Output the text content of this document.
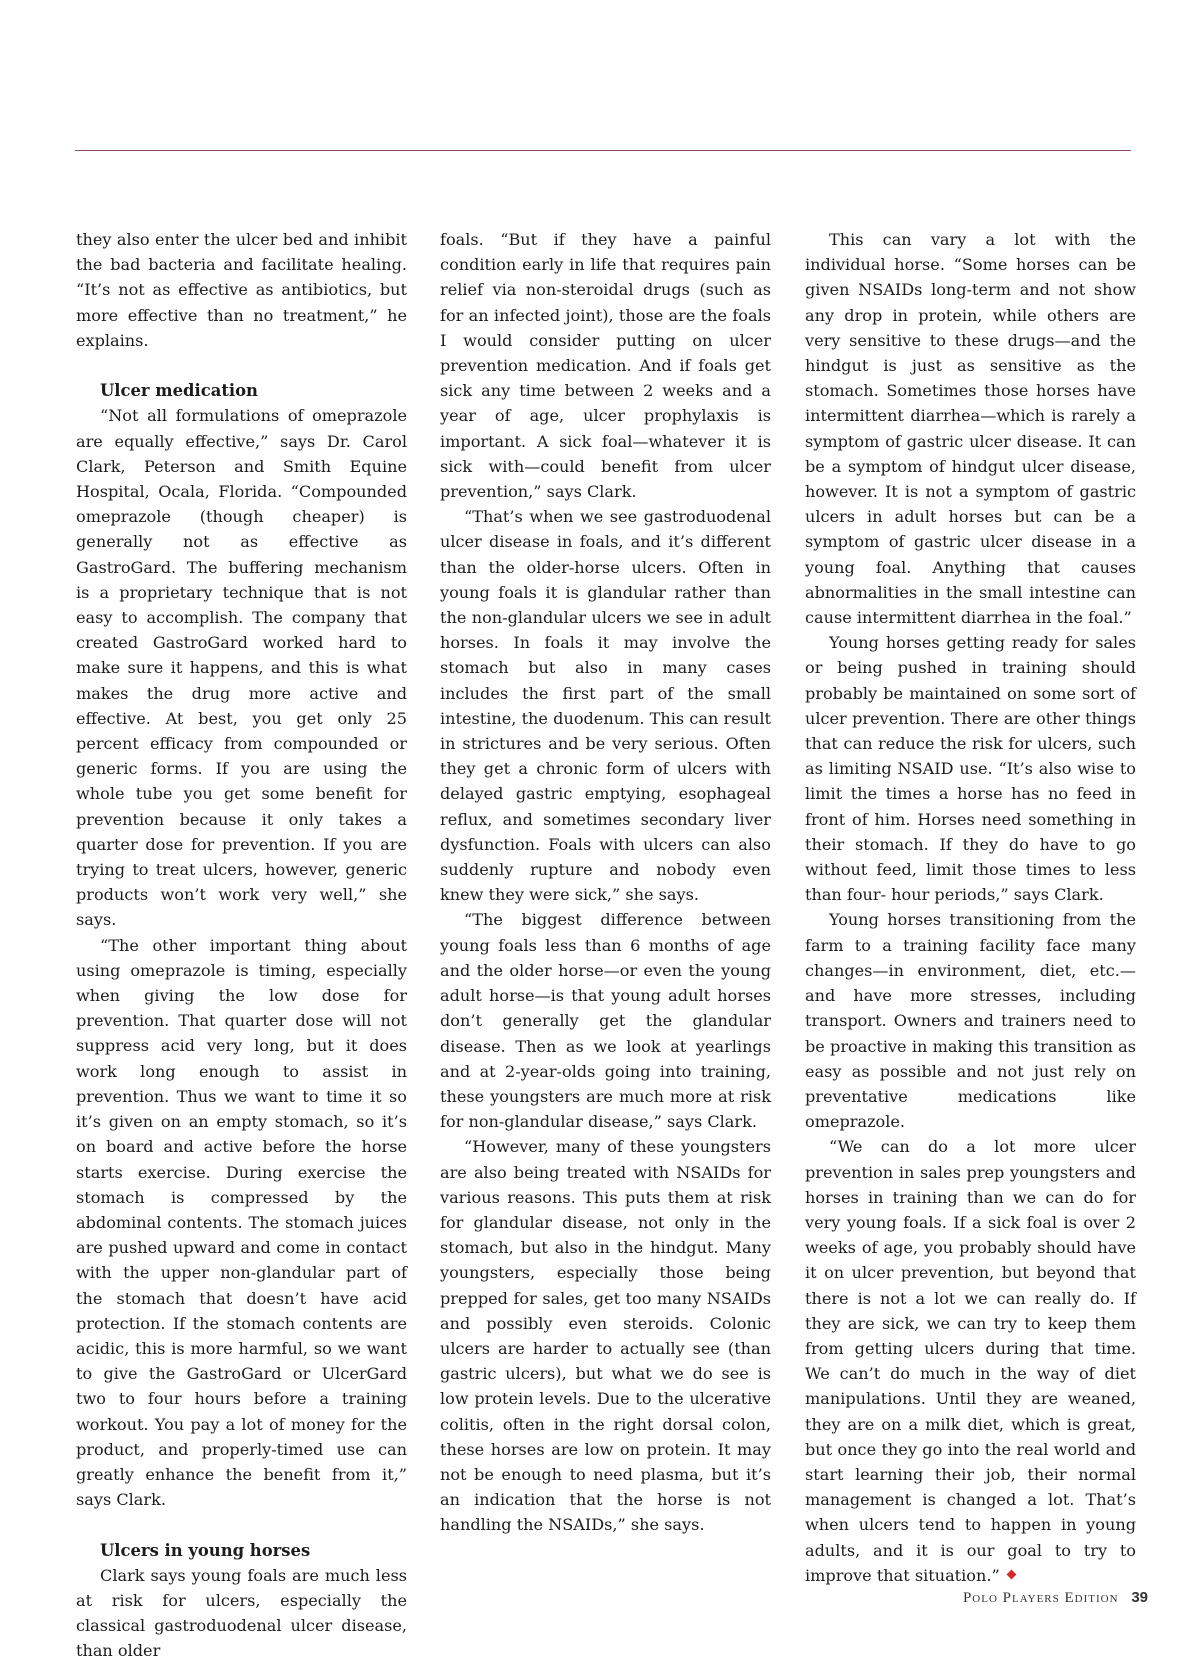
they also enter the ulcer bed and inhibit the bad bacteria and facilitate healing. “It’s not as effective as antibiotics, but more effective than no treatment,” he explains.

Ulcer medication

“Not all formulations of omeprazole are equally effective,” says Dr. Carol Clark, Peterson and Smith Equine Hospital, Ocala, Florida. “Compounded omeprazole (though cheaper) is generally not as effective as GastroGard. The buffering mechanism is a proprietary technique that is not easy to accomplish. The company that created GastroGard worked hard to make sure it happens, and this is what makes the drug more active and effective. At best, you get only 25 percent efficacy from compounded or generic forms. If you are using the whole tube you get some benefit for prevention because it only takes a quarter dose for prevention. If you are trying to treat ulcers, however, generic products won’t work very well,” she says.

“The other important thing about using omeprazole is timing, especially when giving the low dose for prevention. That quarter dose will not suppress acid very long, but it does work long enough to assist in prevention. Thus we want to time it so it’s given on an empty stomach, so it’s on board and active before the horse starts exercise. During exercise the stomach is compressed by the abdominal contents. The stomach juices are pushed upward and come in contact with the upper non-glandular part of the stomach that doesn’t have acid protection. If the stomach contents are acidic, this is more harmful, so we want to give the GastroGard or UlcerGard two to four hours before a training workout. You pay a lot of money for the product, and properly-timed use can greatly enhance the benefit from it,” says Clark.

Ulcers in young horses

Clark says young foals are much less at risk for ulcers, especially the classical gastroduodenal ulcer disease, than older

foals. “But if they have a painful condition early in life that requires pain relief via non-steroidal drugs (such as for an infected joint), those are the foals I would consider putting on ulcer prevention medication. And if foals get sick any time between 2 weeks and a year of age, ulcer prophylaxis is important. A sick foal—whatever it is sick with—could benefit from ulcer prevention,” says Clark.

“That’s when we see gastroduodenal ulcer disease in foals, and it’s different than the older-horse ulcers. Often in young foals it is glandular rather than the non-glandular ulcers we see in adult horses. In foals it may involve the stomach but also in many cases includes the first part of the small intestine, the duodenum. This can result in strictures and be very serious. Often they get a chronic form of ulcers with delayed gastric emptying, esophageal reflux, and sometimes secondary liver dysfunction. Foals with ulcers can also suddenly rupture and nobody even knew they were sick,” she says.

“The biggest difference between young foals less than 6 months of age and the older horse—or even the young adult horse—is that young adult horses don’t generally get the glandular disease. Then as we look at yearlings and at 2-year-olds going into training, these youngsters are much more at risk for non-glandular disease,” says Clark.

“However, many of these youngsters are also being treated with NSAIDs for various reasons. This puts them at risk for glandular disease, not only in the stomach, but also in the hindgut. Many youngsters, especially those being prepped for sales, get too many NSAIDs and possibly even steroids. Colonic ulcers are harder to actually see (than gastric ulcers), but what we do see is low protein levels. Due to the ulcerative colitis, often in the right dorsal colon, these horses are low on protein. It may not be enough to need plasma, but it’s an indication that the horse is not handling the NSAIDs,” she says.

This can vary a lot with the individual horse. “Some horses can be given NSAIDs long-term and not show any drop in protein, while others are very sensitive to these drugs—and the hindgut is just as sensitive as the stomach. Sometimes those horses have intermittent diarrhea—which is rarely a symptom of gastric ulcer disease. It can be a symptom of hindgut ulcer disease, however. It is not a symptom of gastric ulcers in adult horses but can be a symptom of gastric ulcer disease in a young foal. Anything that causes abnormalities in the small intestine can cause intermittent diarrhea in the foal.”

Young horses getting ready for sales or being pushed in training should probably be maintained on some sort of ulcer prevention. There are other things that can reduce the risk for ulcers, such as limiting NSAID use. “It’s also wise to limit the times a horse has no feed in front of him. Horses need something in their stomach. If they do have to go without feed, limit those times to less than four- hour periods,” says Clark.

Young horses transitioning from the farm to a training facility face many changes—in environment, diet, etc.—and have more stresses, including transport. Owners and trainers need to be proactive in making this transition as easy as possible and not just rely on preventative medications like omeprazole.

“We can do a lot more ulcer prevention in sales prep youngsters and horses in training than we can do for very young foals. If a sick foal is over 2 weeks of age, you probably should have it on ulcer prevention, but beyond that there is not a lot we can really do. If they are sick, we can try to keep them from getting ulcers during that time. We can’t do much in the way of diet manipulations. Until they are weaned, they are on a milk diet, which is great, but once they go into the real world and start learning their job, their normal management is changed a lot. That’s when ulcers tend to happen in young adults, and it is our goal to try to improve that situation.”

Polo Players Edition 39
